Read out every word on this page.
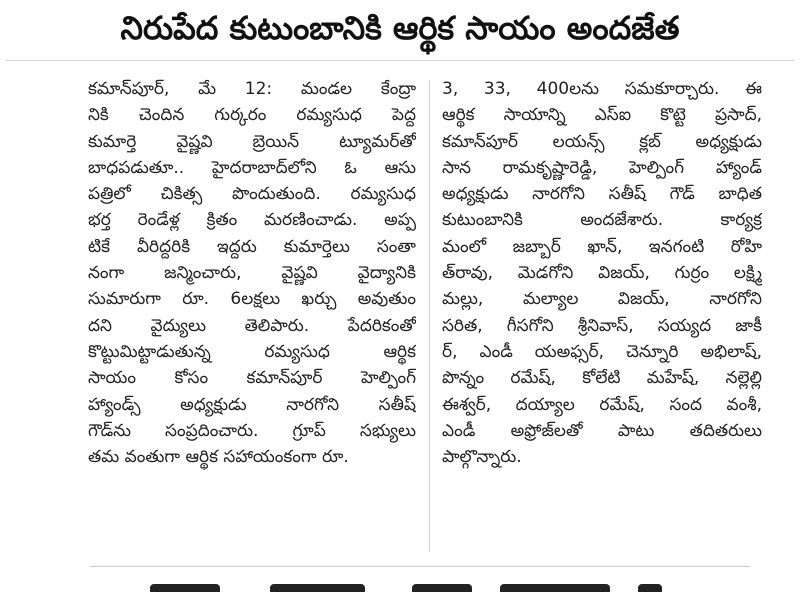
నిరుపేద కుటుంబానికి ఆర్థిక సాయం అందజేత
కమాన్‌పూర్, మే 12: మండల కేంద్రా
నికి చెందిన గుర్కరం రమ్యసుధ పెద్ద
కుమార్తె వైష్ణవి బ్రెయిన్ ట్యూమర్‌తో
బాధపడుతూ.. హైదరాబాద్‌లోని ఓ ఆసు
పత్రిలో చికిత్స పొందుతుంది. రమ్యసుధ
భర్త రెండేళ్ల క్రితం మరణించాడు. అప్ప
టికే వీరిద్దరికి ఇద్దరు కుమార్తెలు సంతా
నంగా జన్మించారు, వైష్ణవి వైద్యానికి
సుమారుగా రూ. 6లక్షలు ఖర్చు అవుతుం
దని వైద్యులు తెలిపారు. పేదరికంతో
కొట్టుమిట్టాడుతున్న రమ్యసుధ ఆర్థిక
సాయం కోసం కమాన్‌పూర్ హెల్పింగ్
హ్యాండ్స్ అధ్యక్షుడు నారగోని సతీష్
గౌడ్‌ను సంప్రదించారు. గ్రూప్ సభ్యులు
తమ వంతుగా ఆర్థిక సహాయంకంగా రూ.
3, 33, 400లను సమకూర్చారు. ఈ
ఆర్థిక సాయాన్ని ఎస్ఐ కొట్టె ప్రసాద్,
కమాన్‌పూర్ లయన్స్ క్లబ్ అధ్యక్షుడు
సాన రామకృష్ణారెడ్డి, హెల్పింగ్ హ్యాండ్
అధ్యక్షుడు నారగోని సతీష్ గౌడ్ బాధిత
కుటుంబానికి అందజేశారు. కార్యక్ర
మంలో జబ్బార్ ఖాన్, ఇనగంటి రోహి
త్‌రావు, మెడగోని విజయ్, గుర్రం లక్ష్మి
మల్లు, మల్యాల విజయ్, నారగోని
సరిత, గీసగోని శ్రీనివాస్, సయ్యద జాకీ
ర్, ఎండీ యఅఫ్సర్, చెన్నూరి అభిలాష్,
పొన్నం రమేష్, కోలేటి మహేష్, నల్లెల్లి
ఈశ్వర్, దయ్యాల రమేష్, సంద వంశీ,
ఎండీ అఫ్రోజ్‌లతో పాటు తదితరులు
పాల్గొన్నారు.
